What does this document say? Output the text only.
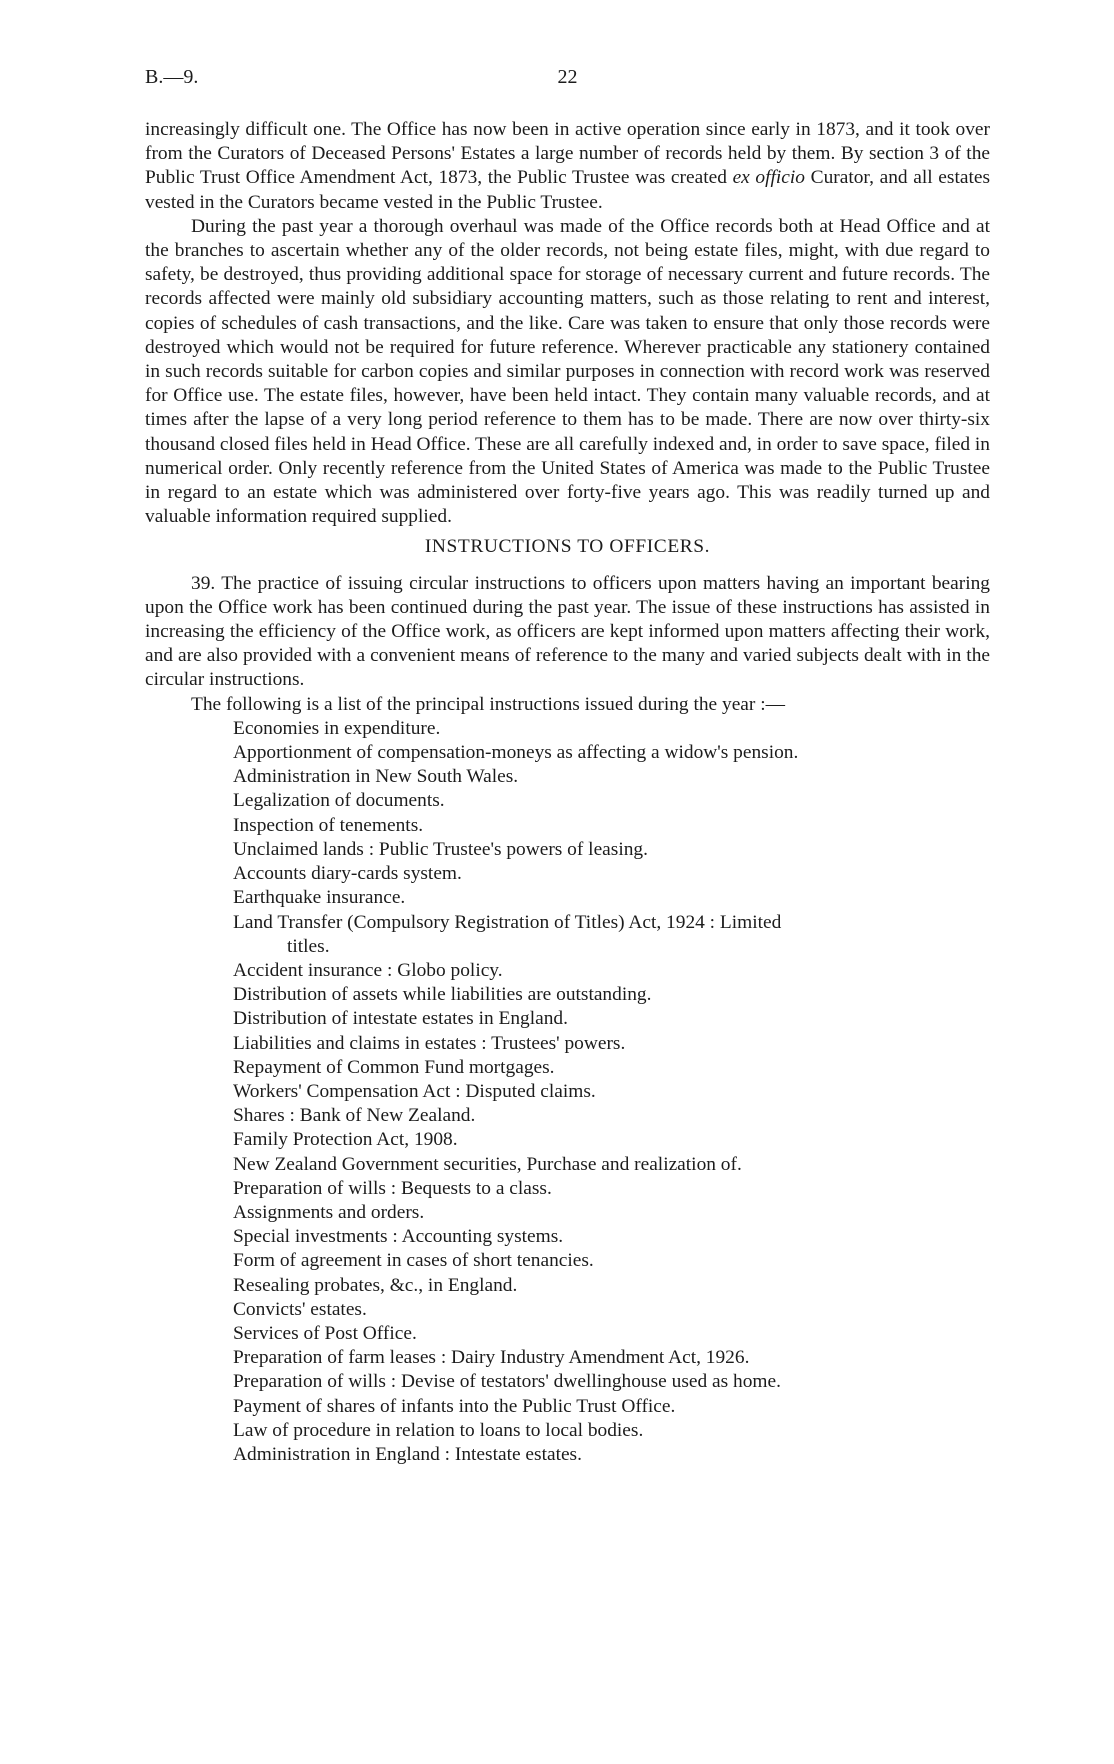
B.—9.	22

increasingly difficult one. The Office has now been in active operation since early in 1873, and it took over from the Curators of Deceased Persons' Estates a large number of records held by them. By section 3 of the Public Trust Office Amendment Act, 1873, the Public Trustee was created ex officio Curator, and all estates vested in the Curators became vested in the Public Trustee.

During the past year a thorough overhaul was made of the Office records both at Head Office and at the branches to ascertain whether any of the older records, not being estate files, might, with due regard to safety, be destroyed, thus providing additional space for storage of necessary current and future records. The records affected were mainly old subsidiary accounting matters, such as those relating to rent and interest, copies of schedules of cash transactions, and the like. Care was taken to ensure that only those records were destroyed which would not be required for future reference. Wherever practicable any stationery contained in such records suitable for carbon copies and similar purposes in connection with record work was reserved for Office use. The estate files, however, have been held intact. They contain many valuable records, and at times after the lapse of a very long period reference to them has to be made. There are now over thirty-six thousand closed files held in Head Office. These are all carefully indexed and, in order to save space, filed in numerical order. Only recently reference from the United States of America was made to the Public Trustee in regard to an estate which was administered over forty-five years ago. This was readily turned up and valuable information required supplied.

INSTRUCTIONS TO OFFICERS.

39. The practice of issuing circular instructions to officers upon matters having an important bearing upon the Office work has been continued during the past year. The issue of these instructions has assisted in increasing the efficiency of the Office work, as officers are kept informed upon matters affecting their work, and are also provided with a convenient means of reference to the many and varied subjects dealt with in the circular instructions.

The following is a list of the principal instructions issued during the year :—

Economies in expenditure.
Apportionment of compensation-moneys as affecting a widow's pension.
Administration in New South Wales.
Legalization of documents.
Inspection of tenements.
Unclaimed lands : Public Trustee's powers of leasing.
Accounts diary-cards system.
Earthquake insurance.
Land Transfer (Compulsory Registration of Titles) Act, 1924 : Limited
titles.
Accident insurance : Globo policy.
Distribution of assets while liabilities are outstanding.
Distribution of intestate estates in England.
Liabilities and claims in estates : Trustees' powers.
Repayment of Common Fund mortgages.
Workers' Compensation Act : Disputed claims.
Shares : Bank of New Zealand.
Family Protection Act, 1908.
New Zealand Government securities, Purchase and realization of.
Preparation of wills : Bequests to a class.
Assignments and orders.
Special investments : Accounting systems.
Form of agreement in cases of short tenancies.
Resealing probates, &c., in England.
Convicts' estates.
Services of Post Office.
Preparation of farm leases : Dairy Industry Amendment Act, 1926.
Preparation of wills : Devise of testators' dwellinghouse used as home.
Payment of shares of infants into the Public Trust Office.
Law of procedure in relation to loans to local bodies.
Administration in England : Intestate estates.
